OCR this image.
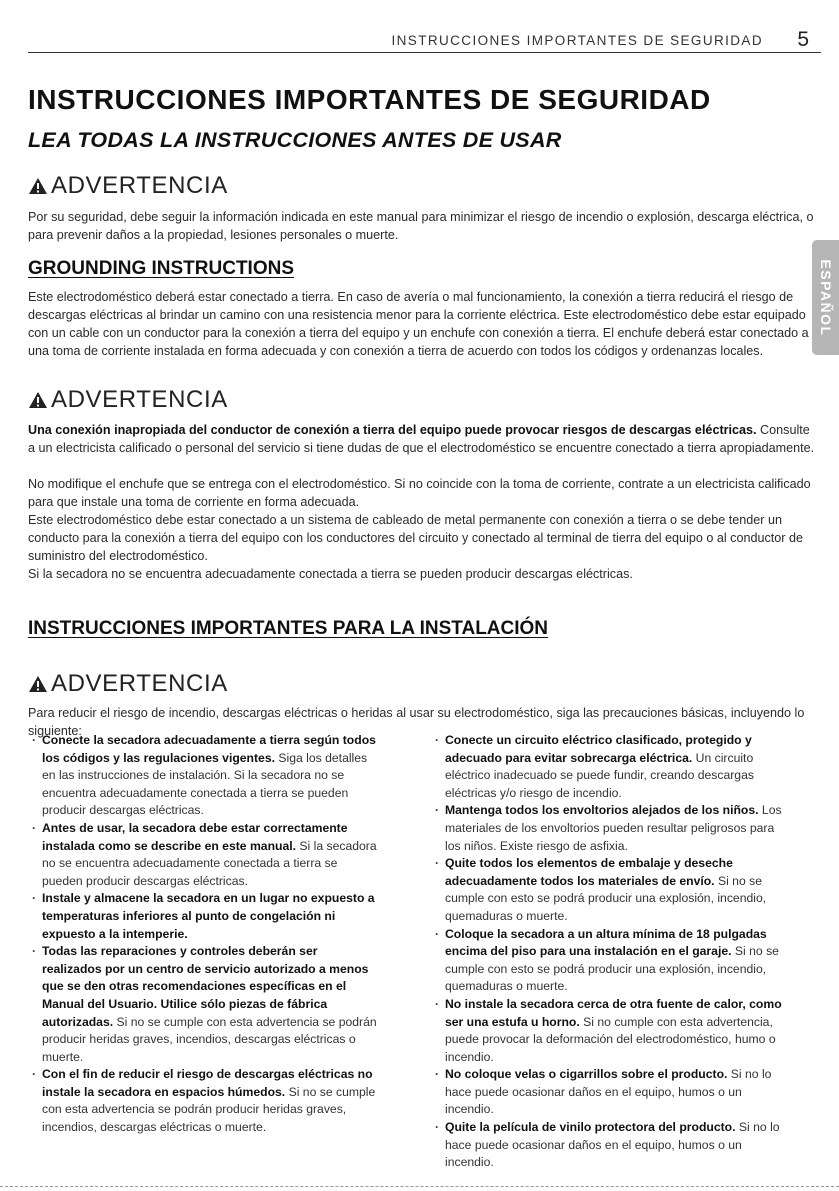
INSTRUCCIONES IMPORTANTES DE SEGURIDAD 5
ESPAÑOL
INSTRUCCIONES IMPORTANTES DE SEGURIDAD
LEA TODAS LA INSTRUCCIONES ANTES DE USAR
ADVERTENCIA
Por su seguridad, debe seguir la información indicada en este manual para minimizar el riesgo de incendio o explosión, descarga eléctrica, o para prevenir daños a la propiedad, lesiones personales o muerte.
GROUNDING INSTRUCTIONS
Este electrodoméstico deberá estar conectado a tierra. En caso de avería o mal funcionamiento, la conexión a tierra reducirá el riesgo de descargas eléctricas al brindar un camino con una resistencia menor para la corriente eléctrica. Este electrodoméstico debe estar equipado con un cable con un conductor para la conexión a tierra del equipo y un enchufe con conexión a tierra. El enchufe deberá estar conectado a una toma de corriente instalada en forma adecuada y con conexión a tierra de acuerdo con todos los códigos y ordenanzas locales.
ADVERTENCIA
Una conexión inapropiada del conductor de conexión a tierra del equipo puede provocar riesgos de descargas eléctricas. Consulte a un electricista calificado o personal del servicio si tiene dudas de que el electrodoméstico se encuentre conectado a tierra apropiadamente.
No modifique el enchufe que se entrega con el electrodoméstico. Si no coincide con la toma de corriente, contrate a un electricista calificado para que instale una toma de corriente en forma adecuada.
Este electrodoméstico debe estar conectado a un sistema de cableado de metal permanente con conexión a tierra o se debe tender un conducto para la conexión a tierra del equipo con los conductores del circuito y conectado al terminal de tierra del equipo o al conductor de suministro del electrodoméstico.
Si la secadora no se encuentra adecuadamente conectada a tierra se pueden producir descargas eléctricas.
INSTRUCCIONES IMPORTANTES PARA LA INSTALACIÓN
ADVERTENCIA
Para reducir el riesgo de incendio, descargas eléctricas o heridas al usar su electrodoméstico, siga las precauciones básicas, incluyendo lo siguiente:
· Conecte la secadora adecuadamente a tierra según todos los códigos y las regulaciones vigentes. Siga los detalles en las instrucciones de instalación. Si la secadora no se encuentra adecuadamente conectada a tierra se pueden producir descargas eléctricas.
· Antes de usar, la secadora debe estar correctamente instalada como se describe en este manual. Si la secadora no se encuentra adecuadamente conectada a tierra se pueden producir descargas eléctricas.
· Instale y almacene la secadora en un lugar no expuesto a temperaturas inferiores al punto de congelación ni expuesto a la intemperie.
· Todas las reparaciones y controles deberán ser realizados por un centro de servicio autorizado a menos que se den otras recomendaciones específicas en el Manual del Usuario. Utilice sólo piezas de fábrica autorizadas. Si no se cumple con esta advertencia se podrán producir heridas graves, incendios, descargas eléctricas o muerte.
· Con el fin de reducir el riesgo de descargas eléctricas no instale la secadora en espacios húmedos. Si no se cumple con esta advertencia se podrán producir heridas graves, incendios, descargas eléctricas o muerte.
· Conecte un circuito eléctrico clasificado, protegido y adecuado para evitar sobrecarga eléctrica. Un circuito eléctrico inadecuado se puede fundir, creando descargas eléctricas y/o riesgo de incendio.
· Mantenga todos los envoltorios alejados de los niños. Los materiales de los envoltorios pueden resultar peligrosos para los niños. Existe riesgo de asfixia.
· Quite todos los elementos de embalaje y deseche adecuadamente todos los materiales de envío. Si no se cumple con esto se podrá producir una explosión, incendio, quemaduras o muerte.
· Coloque la secadora a un altura mínima de 18 pulgadas encima del piso para una instalación en el garaje. Si no se cumple con esto se podrá producir una explosión, incendio, quemaduras o muerte.
· No instale la secadora cerca de otra fuente de calor, como ser una estufa u horno. Si no cumple con esta advertencia, puede provocar la deformación del electrodoméstico, humo o incendio.
· No coloque velas o cigarrillos sobre el producto. Si no lo hace puede ocasionar daños en el equipo, humos o un incendio.
· Quite la película de vinilo protectora del producto. Si no lo hace puede ocasionar daños en el equipo, humos o un incendio.
